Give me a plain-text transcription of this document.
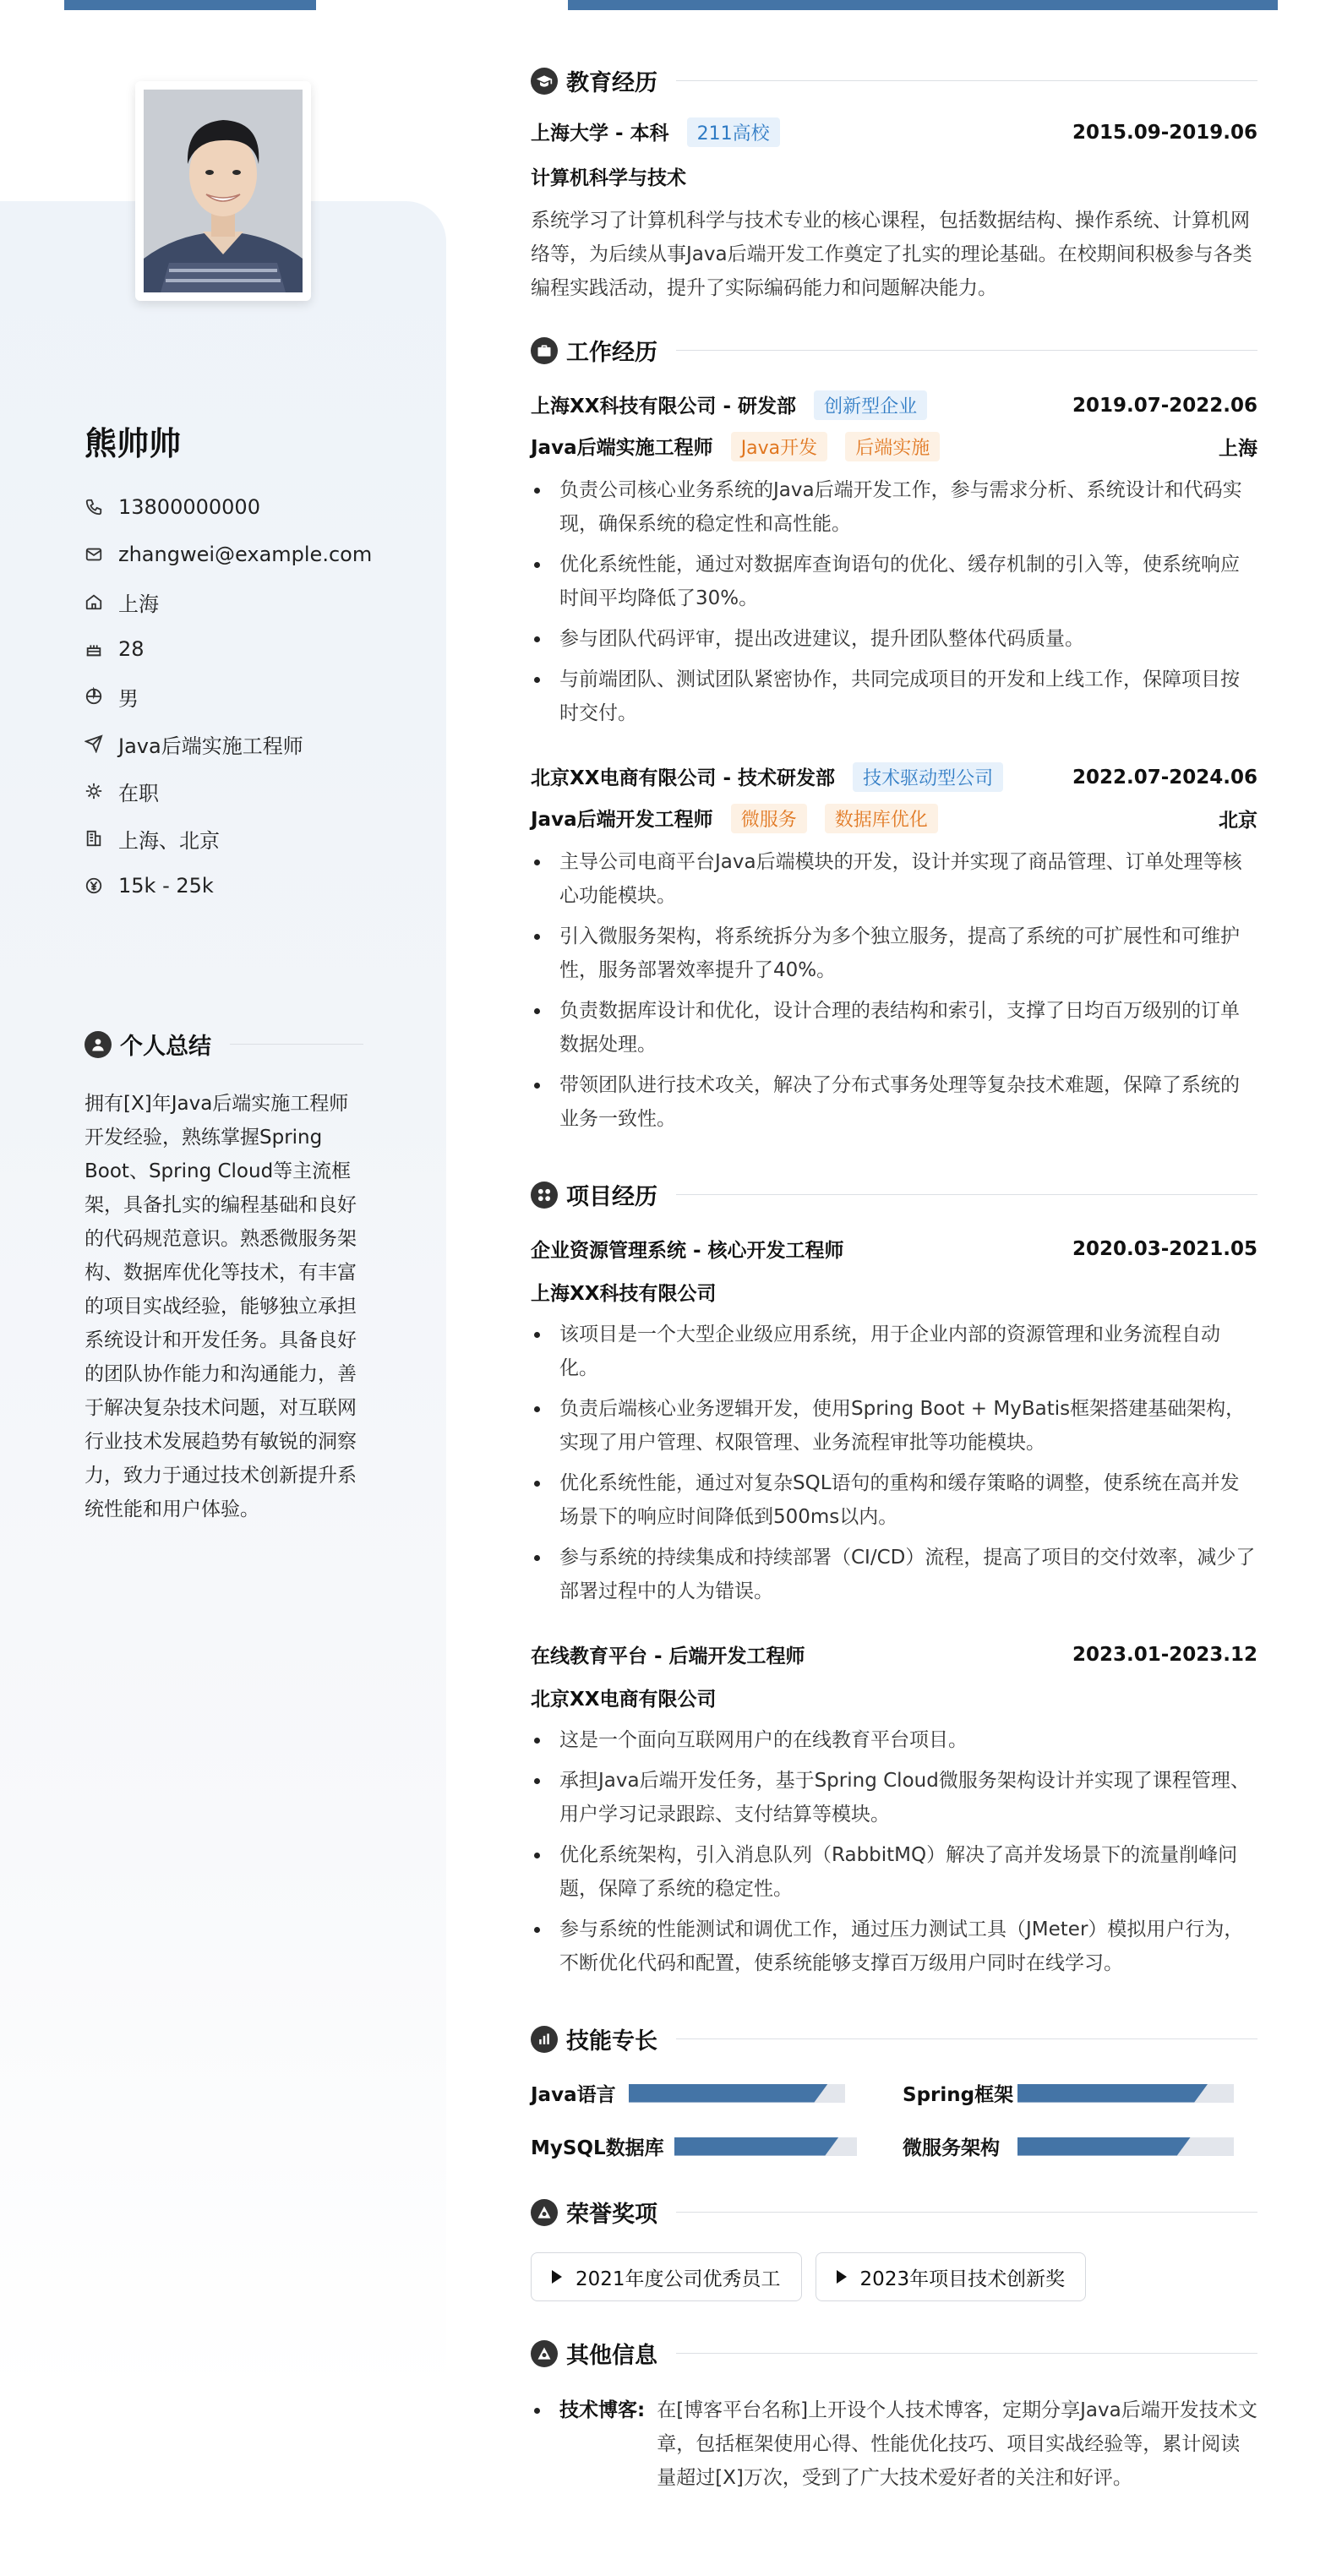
熊帅帅
13800000000
zhangwei@example.com
上海
28
男
Java后端实施工程师
在职
上海、北京
15k - 25k
个人总结
拥有[X]年Java后端实施工程师开发经验，熟练掌握Spring Boot、Spring Cloud等主流框架，具备扎实的编程基础和良好的代码规范意识。熟悉微服务架构、数据库优化等技术，有丰富的项目实战经验，能够独立承担系统设计和开发任务。具备良好的团队协作能力和沟通能力，善于解决复杂技术问题，对互联网行业技术发展趋势有敏锐的洞察力，致力于通过技术创新提升系统性能和用户体验。
教育经历
上海大学 - 本科 211高校	2015.09-2019.06
计算机科学与技术
系统学习了计算机科学与技术专业的核心课程，包括数据结构、操作系统、计算机网络等，为后续从事Java后端开发工作奠定了扎实的理论基础。在校期间积极参与各类编程实践活动，提升了实际编码能力和问题解决能力。
工作经历
上海XX科技有限公司 - 研发部 创新型企业	2019.07-2022.06
Java后端实施工程师 Java开发 后端实施	上海
负责公司核心业务系统的Java后端开发工作，参与需求分析、系统设计和代码实现，确保系统的稳定性和高性能。
优化系统性能，通过对数据库查询语句的优化、缓存机制的引入等，使系统响应时间平均降低了30%。
参与团队代码评审，提出改进建议，提升团队整体代码质量。
与前端团队、测试团队紧密协作，共同完成项目的开发和上线工作，保障项目按时交付。
北京XX电商有限公司 - 技术研发部 技术驱动型公司	2022.07-2024.06
Java后端开发工程师 微服务 数据库优化	北京
主导公司电商平台Java后端模块的开发，设计并实现了商品管理、订单处理等核心功能模块。
引入微服务架构，将系统拆分为多个独立服务，提高了系统的可扩展性和可维护性，服务部署效率提升了40%。
负责数据库设计和优化，设计合理的表结构和索引，支撑了日均百万级别的订单数据处理。
带领团队进行技术攻关，解决了分布式事务处理等复杂技术难题，保障了系统的业务一致性。
项目经历
企业资源管理系统 - 核心开发工程师	2020.03-2021.05
上海XX科技有限公司
该项目是一个大型企业级应用系统，用于企业内部的资源管理和业务流程自动化。
负责后端核心业务逻辑开发，使用Spring Boot + MyBatis框架搭建基础架构，实现了用户管理、权限管理、业务流程审批等功能模块。
优化系统性能，通过对复杂SQL语句的重构和缓存策略的调整，使系统在高并发场景下的响应时间降低到500ms以内。
参与系统的持续集成和持续部署（CI/CD）流程，提高了项目的交付效率，减少了部署过程中的人为错误。
在线教育平台 - 后端开发工程师	2023.01-2023.12
北京XX电商有限公司
这是一个面向互联网用户的在线教育平台项目。
承担Java后端开发任务，基于Spring Cloud微服务架构设计并实现了课程管理、用户学习记录跟踪、支付结算等模块。
优化系统架构，引入消息队列（RabbitMQ）解决了高并发场景下的流量削峰问题，保障了系统的稳定性。
参与系统的性能测试和调优工作，通过压力测试工具（JMeter）模拟用户行为，不断优化代码和配置，使系统能够支撑百万级用户同时在线学习。
技能专长
Java语言	Spring框架
MySQL数据库	微服务架构
荣誉奖项
2021年度公司优秀员工	2023年项目技术创新奖
其他信息
技术博客: 在[博客平台名称]上开设个人技术博客，定期分享Java后端开发技术文章，包括框架使用心得、性能优化技巧、项目实战经验等，累计阅读量超过[X]万次，受到了广大技术爱好者的关注和好评。
